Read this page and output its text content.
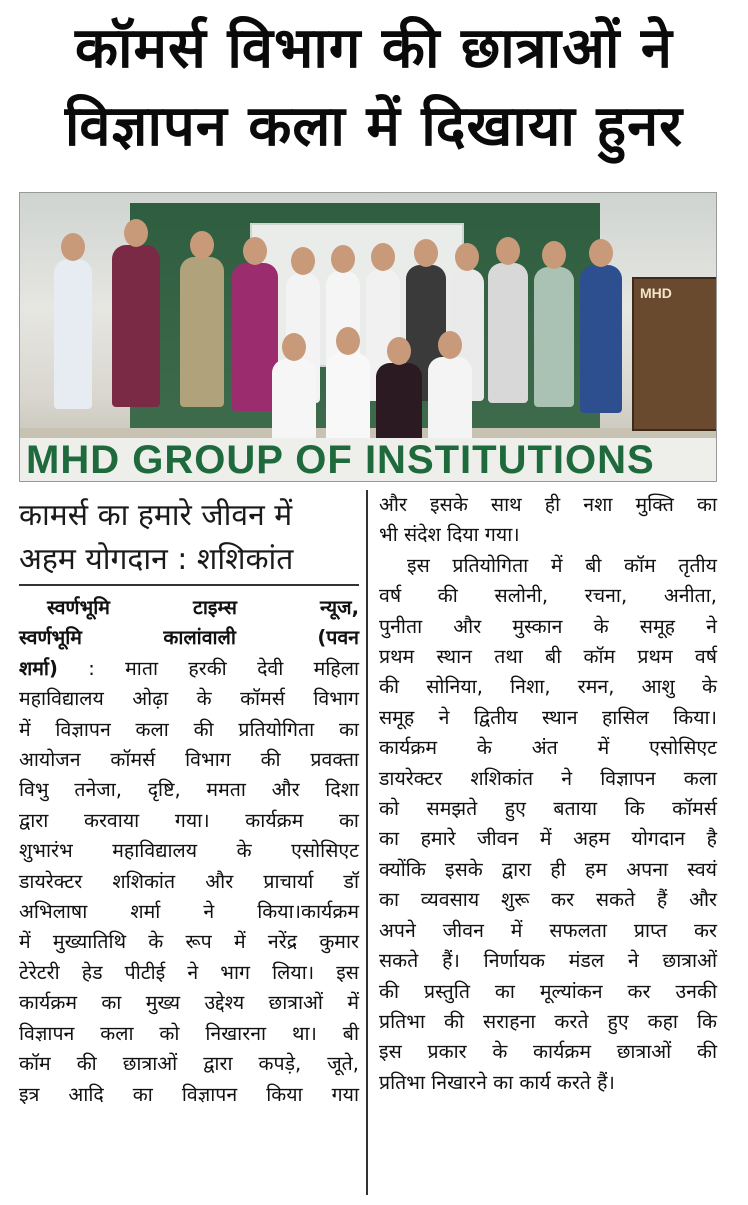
कॉमर्स विभाग की छात्राओं ने
विज्ञापन कला में दिखाया हुनर
MHD
MHD GROUP OF INSTITUTIONS
कामर्स का हमारे जीवन में
अहम योगदान : शशिकांत
स्वर्णभूमि टाइम्स न्यूज,
स्वर्णभूमि कालांवाली (पवन
शर्मा) : माता हरकी देवी महिला
महाविद्यालय ओढ़ा के कॉमर्स विभाग
में विज्ञापन कला की प्रतियोगिता का
आयोजन कॉमर्स विभाग की प्रवक्ता
विभु तनेजा, दृष्टि, ममता और दिशा
द्वारा करवाया गया। कार्यक्रम का
शुभारंभ महाविद्यालय के एसोसिएट
डायरेक्टर शशिकांत और प्राचार्या डॉ
अभिलाषा शर्मा ने किया।कार्यक्रम
में मुख्यातिथि के रूप में नरेंद्र कुमार
टेरेटरी हेड पीटीई ने भाग लिया। इस
कार्यक्रम का मुख्य उद्देश्य छात्राओं में
विज्ञापन कला को निखारना था। बी
कॉम की छात्राओं द्वारा कपड़े, जूते,
इत्र आदि का विज्ञापन किया गया
और इसके साथ ही नशा मुक्ति का
भी संदेश दिया गया।
इस प्रतियोगिता में बी कॉम तृतीय
वर्ष की सलोनी, रचना, अनीता,
पुनीता और मुस्कान के समूह ने
प्रथम स्थान तथा बी कॉम प्रथम वर्ष
की सोनिया, निशा, रमन, आशु के
समूह ने द्वितीय स्थान हासिल किया।
कार्यक्रम के अंत में एसोसिएट
डायरेक्टर शशिकांत ने विज्ञापन कला
को समझते हुए बताया कि कॉमर्स
का हमारे जीवन में अहम योगदान है
क्योंकि इसके द्वारा ही हम अपना स्वयं
का व्यवसाय शुरू कर सकते हैं और
अपने जीवन में सफलता प्राप्त कर
सकते हैं। निर्णायक मंडल ने छात्राओं
की प्रस्तुति का मूल्यांकन कर उनकी
प्रतिभा की सराहना करते हुए कहा कि
इस प्रकार के कार्यक्रम छात्राओं की
प्रतिभा निखारने का कार्य करते हैं।
